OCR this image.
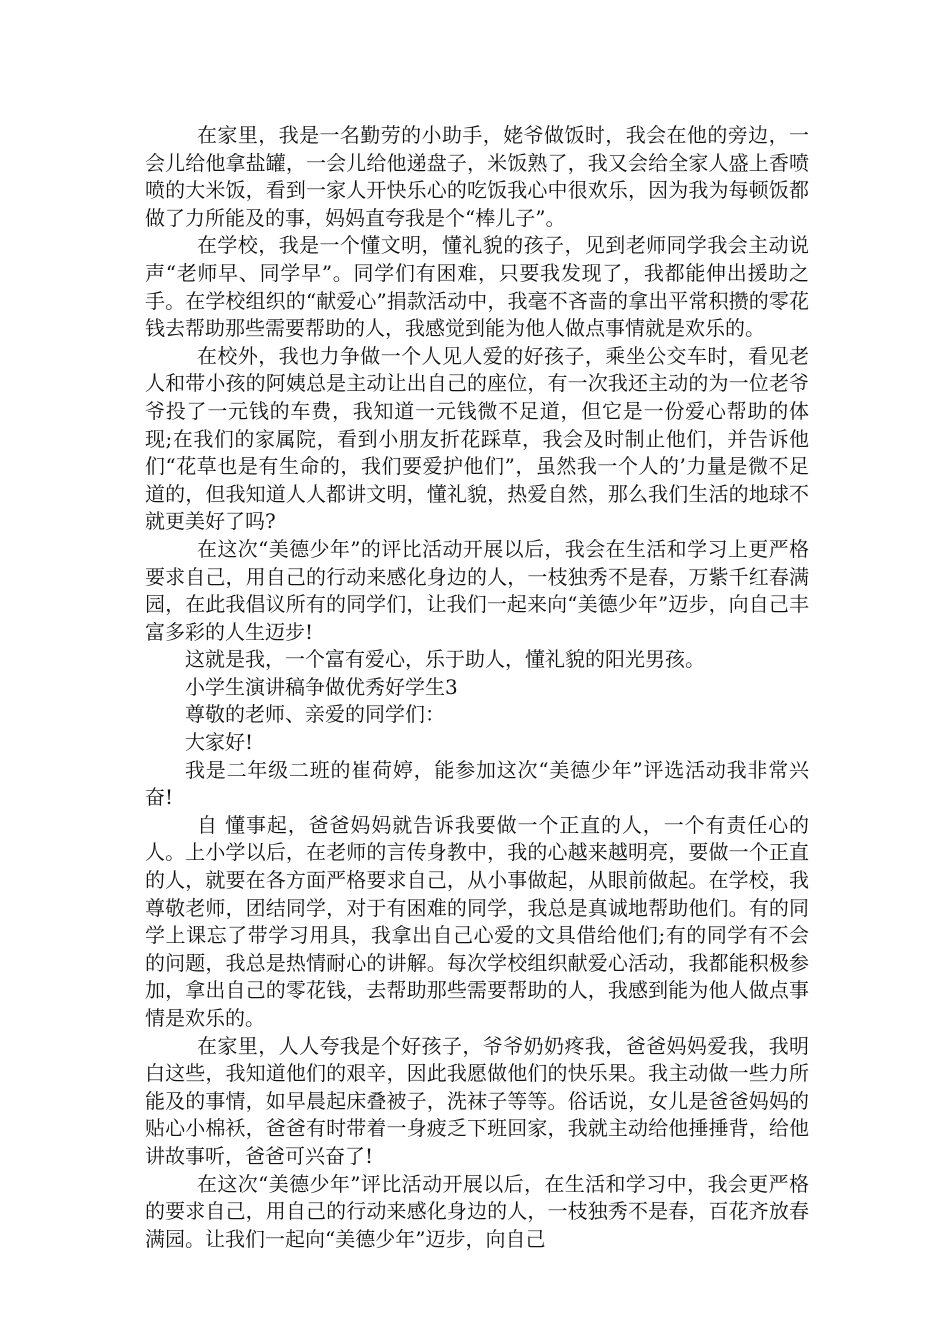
在家里，我是一名勤劳的小助手，姥爷做饭时，我会在他的旁边，一会儿给他拿盐罐，一会儿给他递盘子，米饭熟了，我又会给全家人盛上香喷喷的大米饭，看到一家人开快乐心的吃饭我心中很欢乐，因为我为每顿饭都做了力所能及的事，妈妈直夸我是个“棒儿子”。

在学校，我是一个懂文明，懂礼貌的孩子，见到老师同学我会主动说声“老师早、同学早”。同学们有困难，只要我发现了，我都能伸出援助之手。在学校组织的“献爱心”捐款活动中，我毫不吝啬的拿出平常积攒的零花钱去帮助那些需要帮助的人，我感觉到能为他人做点事情就是欢乐的。

在校外，我也力争做一个人见人爱的好孩子，乘坐公交车时，看见老人和带小孩的阿姨总是主动让出自己的座位，有一次我还主动的为一位老爷爷投了一元钱的车费，我知道一元钱微不足道，但它是一份爱心帮助的体现;在我们的家属院，看到小朋友折花踩草，我会及时制止他们，并告诉他们“花草也是有生命的，我们要爱护他们”，虽然我一个人的’力量是微不足道的，但我知道人人都讲文明，懂礼貌，热爱自然，那么我们生活的地球不就更美好了吗?

在这次“美德少年”的评比活动开展以后，我会在生活和学习上更严格要求自己，用自己的行动来感化身边的人，一枝独秀不是春，万紫千红春满园，在此我倡议所有的同学们，让我们一起来向“美德少年”迈步，向自己丰富多彩的人生迈步!

这就是我，一个富有爱心，乐于助人，懂礼貌的阳光男孩。

小学生演讲稿争做优秀好学生3

尊敬的老师、亲爱的同学们：

大家好!

我是二年级二班的崔荷婷，能参加这次“美德少年”评选活动我非常兴奋!

自 懂事起，爸爸妈妈就告诉我要做一个正直的人，一个有责任心的人。上小学以后，在老师的言传身教中，我的心越来越明亮，要做一个正直的人，就要在各方面严格要求自己，从小事做起，从眼前做起。在学校，我尊敬老师，团结同学，对于有困难的同学，我总是真诚地帮助他们。有的同学上课忘了带学习用具，我拿出自己心爱的文具借给他们;有的同学有不会的问题，我总是热情耐心的讲解。每次学校组织献爱心活动，我都能积极参加，拿出自己的零花钱，去帮助那些需要帮助的人，我感到能为他人做点事情是欢乐的。

在家里，人人夸我是个好孩子，爷爷奶奶疼我，爸爸妈妈爱我，我明白这些，我知道他们的艰辛，因此我愿做他们的快乐果。我主动做一些力所能及的事情，如早晨起床叠被子，洗袜子等等。俗话说，女儿是爸爸妈妈的贴心小棉袄，爸爸有时带着一身疲乏下班回家，我就主动给他捶捶背，给他讲故事听，爸爸可兴奋了!

在这次“美德少年”评比活动开展以后，在生活和学习中，我会更严格的要求自己，用自己的行动来感化身边的人，一枝独秀不是春，百花齐放春满园。让我们一起向“美德少年”迈步，向自己
